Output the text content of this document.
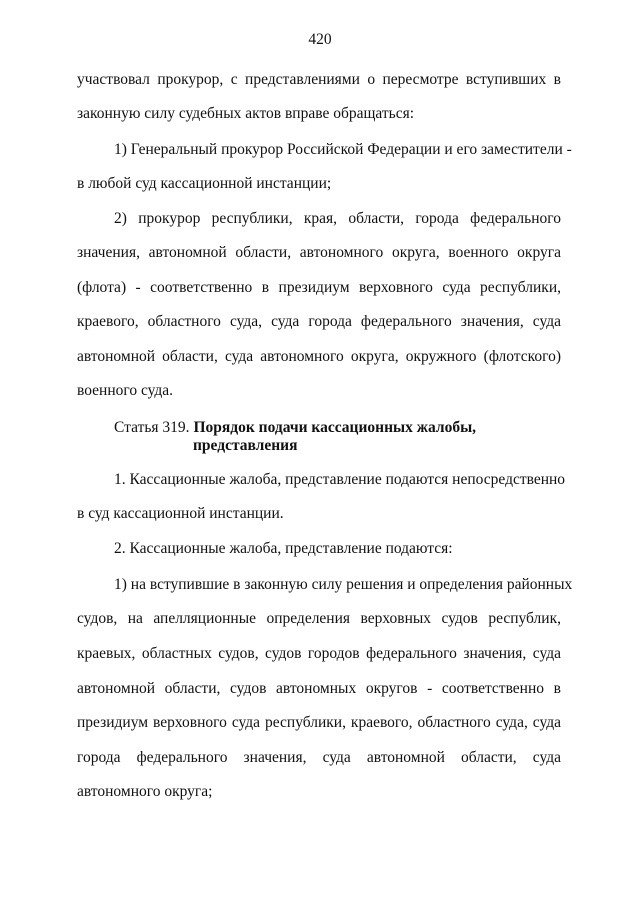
420
участвовал прокурор, с представлениями о пересмотре вступивших в
законную силу судебных актов вправе обращаться:
1) Генеральный прокурор Российской Федерации и его заместители -
в любой суд кассационной инстанции;
2) прокурор республики, края, области, города федерального
значения, автономной области, автономного округа, военного округа
(флота) - соответственно в президиум верховного суда республики,
краевого, областного суда, суда города федерального значения, суда
автономной области, суда автономного округа, окружного (флотского)
военного суда.
Статья 319. Порядок подачи кассационных жалобы,
представления
1. Кассационные жалоба, представление подаются непосредственно
в суд кассационной инстанции.
2. Кассационные жалоба, представление подаются:
1) на вступившие в законную силу решения и определения районных
судов, на апелляционные определения верховных судов республик,
краевых, областных судов, судов городов федерального значения, суда
автономной области, судов автономных округов - соответственно в
президиум верховного суда республики, краевого, областного суда, суда
города федерального значения, суда автономной области, суда
автономного округа;
